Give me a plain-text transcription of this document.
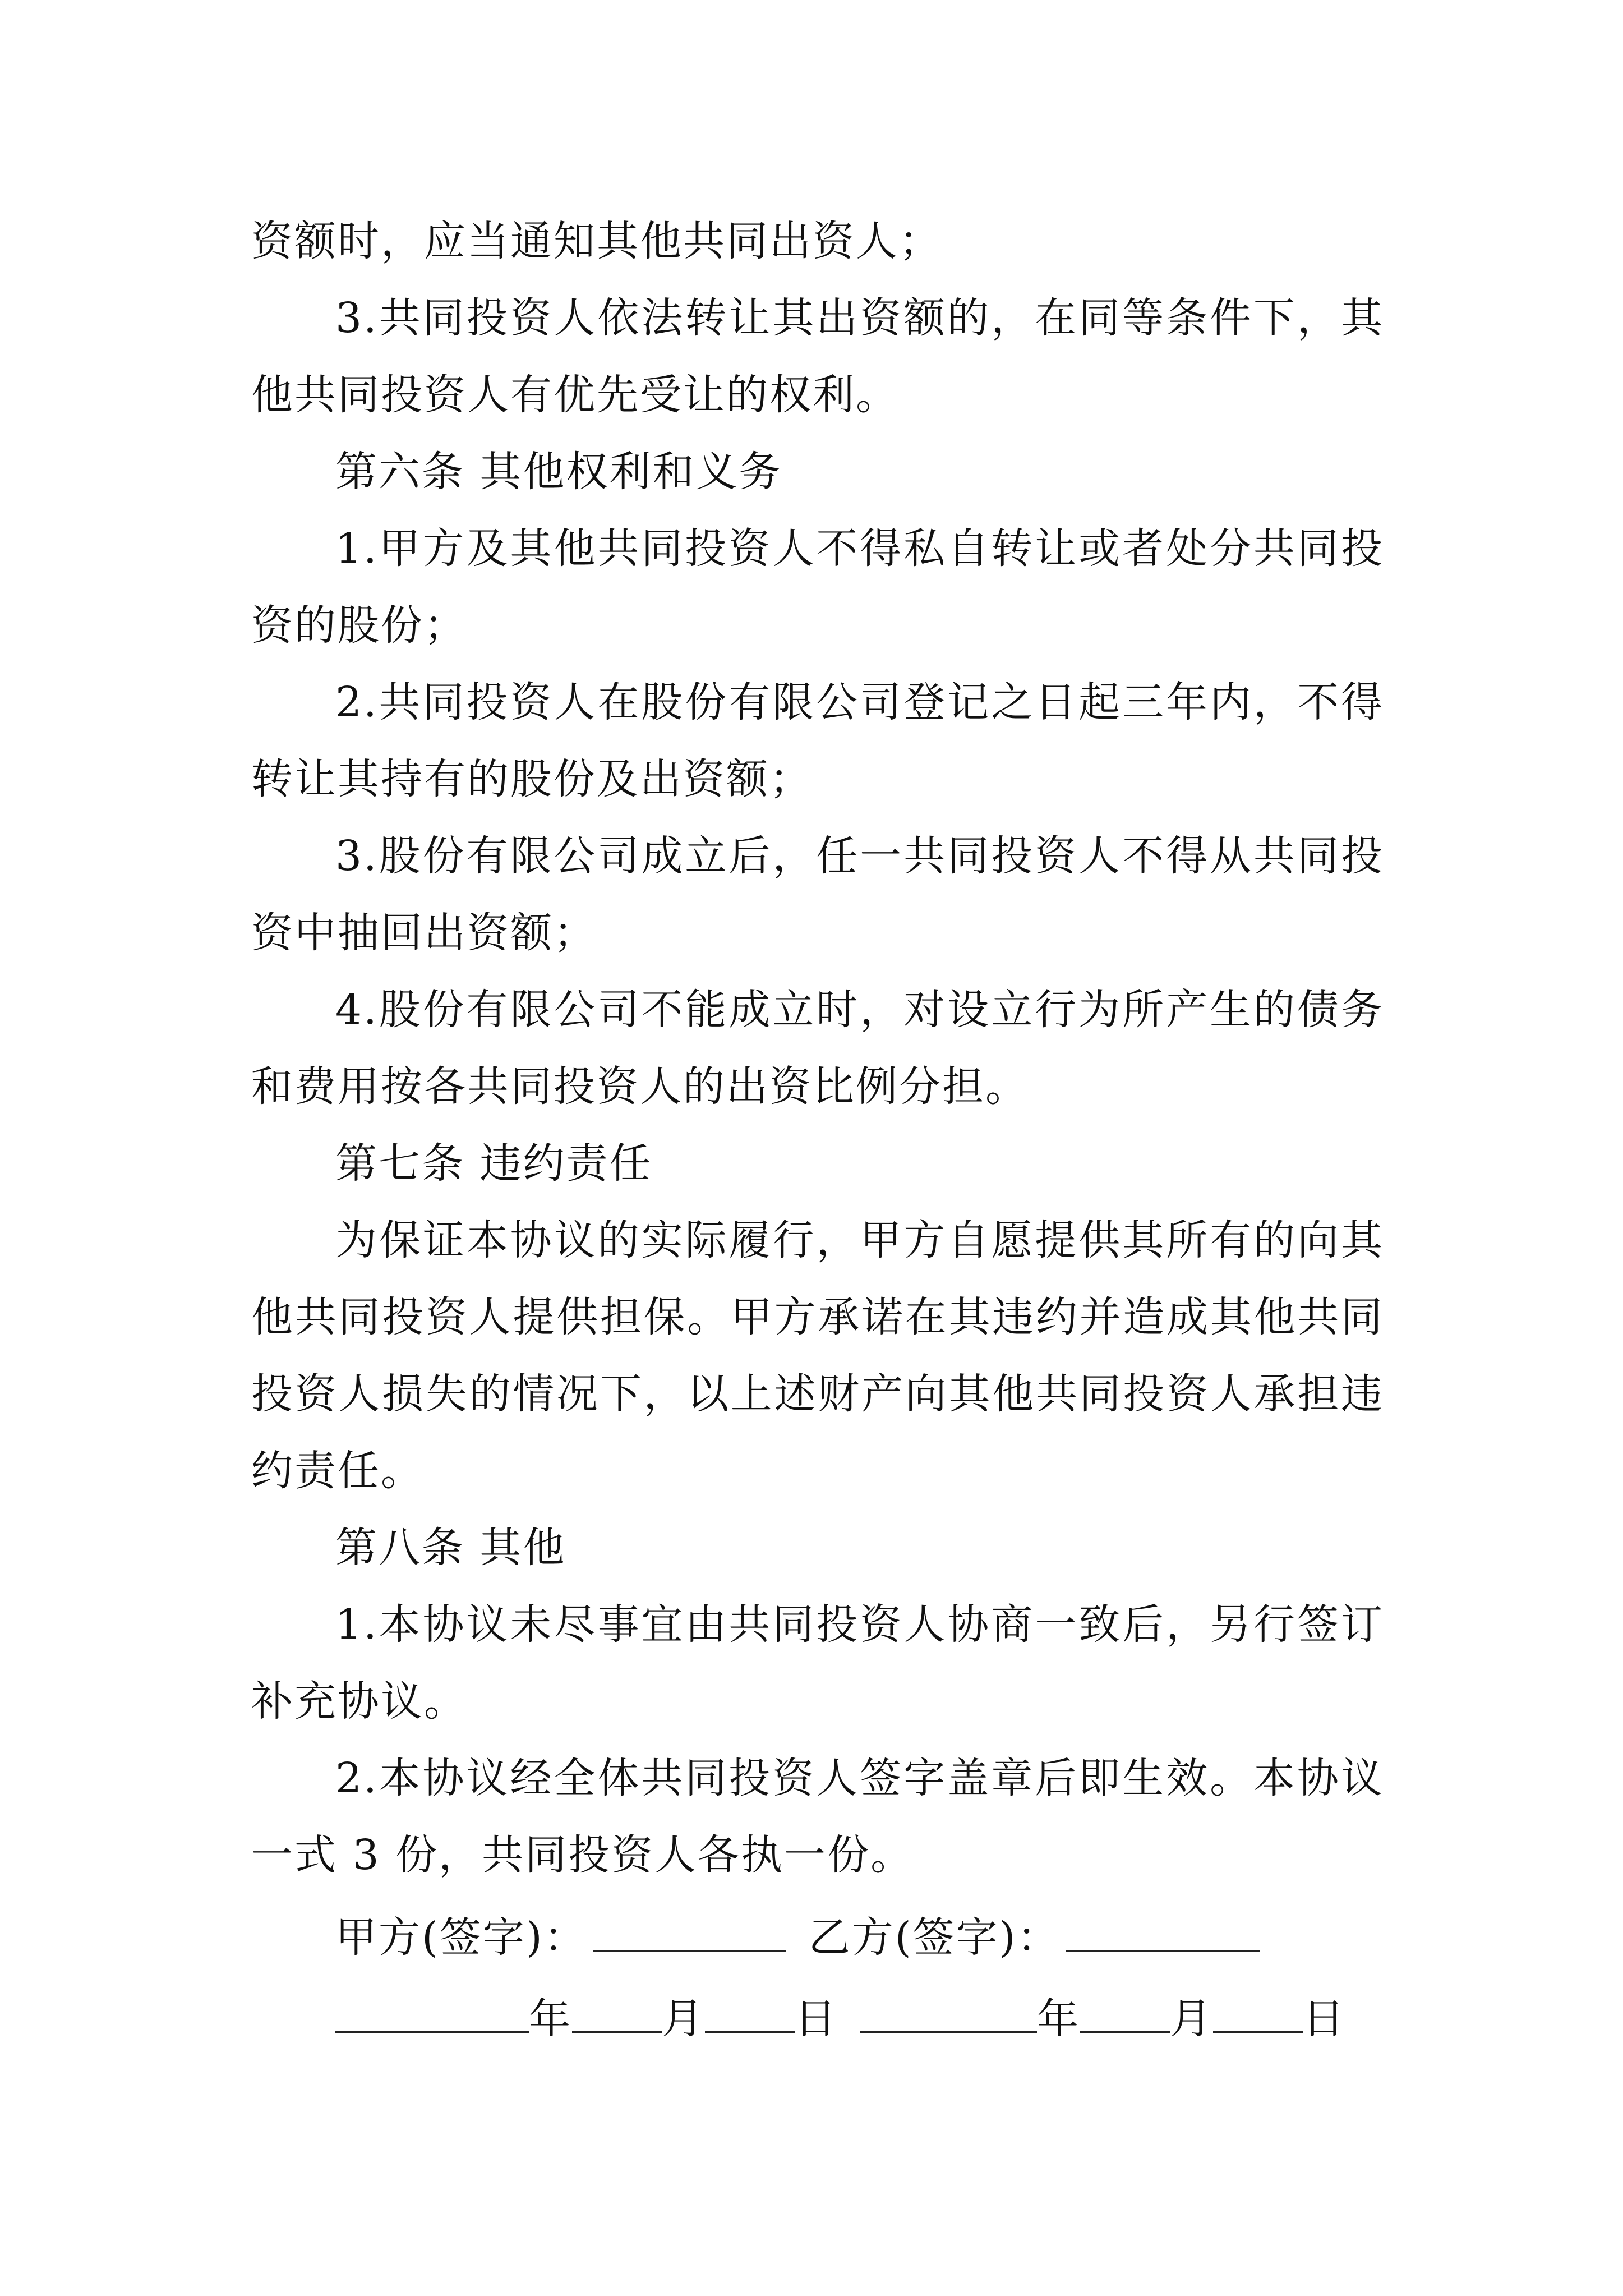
资额时，应当通知其他共同出资人；

3.共同投资人依法转让其出资额的，在同等条件下，其他共同投资人有优先受让的权利。

第六条 其他权利和义务

1.甲方及其他共同投资人不得私自转让或者处分共同投资的股份；

2.共同投资人在股份有限公司登记之日起三年内，不得转让其持有的股份及出资额；

3.股份有限公司成立后，任一共同投资人不得从共同投资中抽回出资额；

4.股份有限公司不能成立时，对设立行为所产生的债务和费用按各共同投资人的出资比例分担。

第七条 违约责任

为保证本协议的实际履行，甲方自愿提供其所有的向其他共同投资人提供担保。甲方承诺在其违约并造成其他共同投资人损失的情况下，以上述财产向其他共同投资人承担违约责任。

第八条 其他

1.本协议未尽事宜由共同投资人协商一致后，另行签订补充协议。

2.本协议经全体共同投资人签字盖章后即生效。本协议一式 3 份，共同投资人各执一份。

甲方(签字)：	乙方(签字)：
年 月 日	年 月 日
